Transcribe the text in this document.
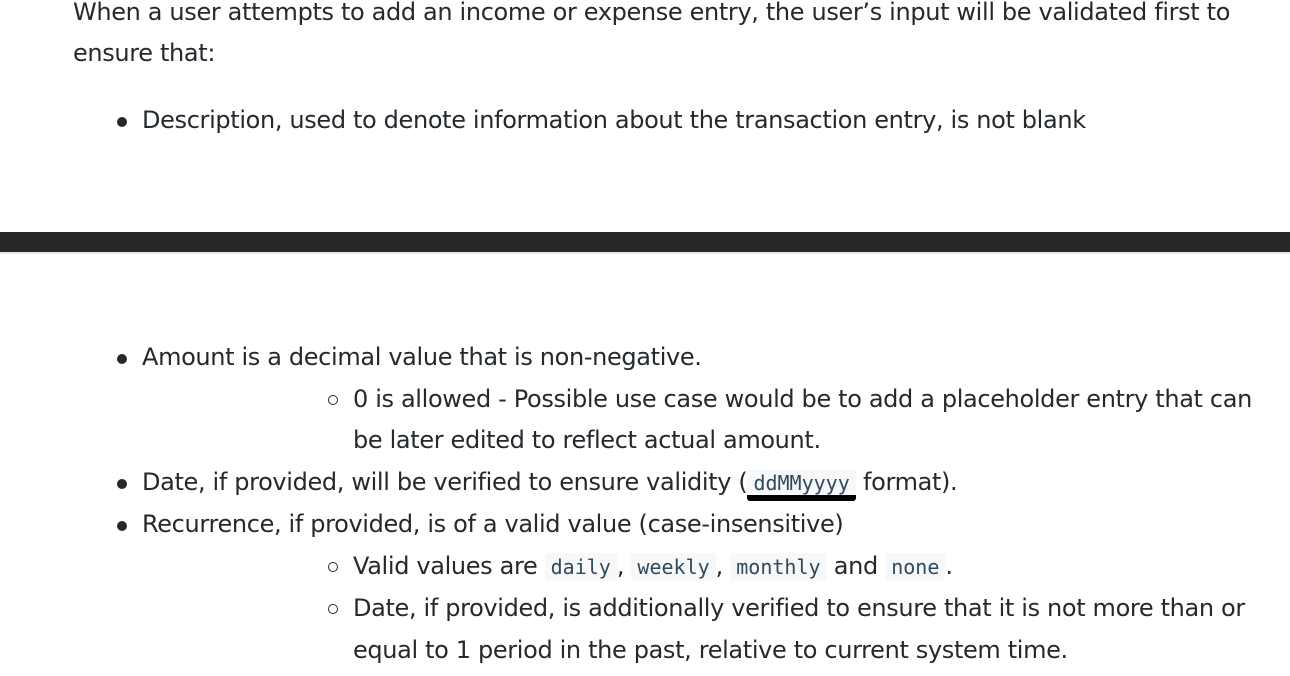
When a user attempts to add an income or expense entry, the user’s input will be validated first to ensure that:

Description, used to denote information about the transaction entry, is not blank
Amount is a decimal value that is non-negative.
0 is allowed - Possible use case would be to add a placeholder entry that can be later edited to reflect actual amount.
Date, if provided, will be verified to ensure validity ( ddMMyyyy format).
Recurrence, if provided, is of a valid value (case-insensitive)
Valid values are daily , weekly , monthly and none .
Date, if provided, is additionally verified to ensure that it is not more than or equal to 1 period in the past, relative to current system time.
